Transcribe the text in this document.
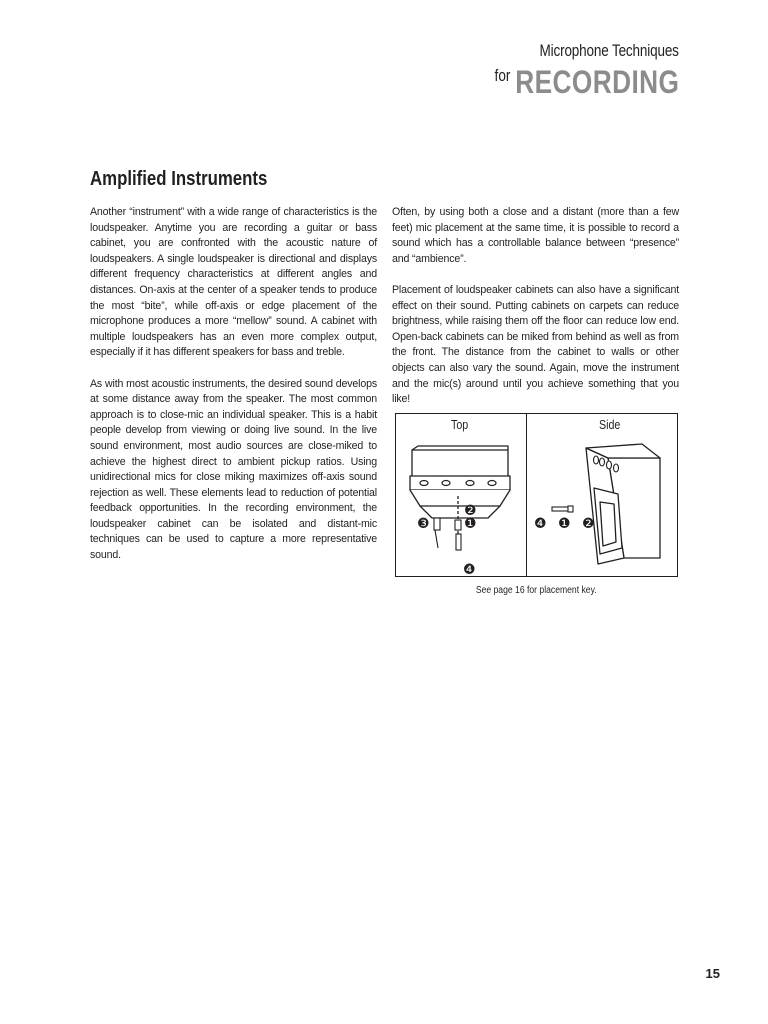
Microphone Techniques
for RECORDING
Amplified Instruments

Another “instrument” with a wide range of characteristics is the loudspeaker. Anytime you are recording a guitar or bass cabinet, you are confronted with the acoustic nature of loudspeakers. A single loudspeaker is directional and displays different frequency characteristics at different angles and distances. On-axis at the center of a speaker tends to produce the most “bite”, while off-axis or edge placement of the microphone produces a more “mellow” sound. A cabinet with multiple loudspeakers has an even more complex output, especially if it has different speakers for bass and treble.

As with most acoustic instruments, the desired sound develops at some distance away from the speaker. The most common approach is to close-mic an individual speaker. This is a habit people develop from viewing or doing live sound. In the live sound environment, most audio sources are close-miked to achieve the highest direct to ambient pickup ratios. Using unidirectional mics for close miking maximizes off-axis sound rejection as well. These elements lead to reduction of potential feedback opportunities. In the recording environment, the loudspeaker cabinet can be isolated and distant-mic techniques can be used to capture a more representative sound.

Often, by using both a close and a distant (more than a few feet) mic placement at the same time, it is possible to record a sound which has a controllable balance between “presence” and “ambience”.

Placement of loudspeaker cabinets can also have a significant effect on their sound. Putting cabinets on carpets can reduce brightness, while raising them off the floor can reduce low end. Open-back cabinets can be miked from behind as well as from the front. The distance from the cabinet to walls or other objects can also vary the sound. Again, move the instrument and the mic(s) around until you achieve something that you like!

❸
❷
❶
❹
❹ ❶ ❷
Top	Side
See page 16 for placement key.
15
